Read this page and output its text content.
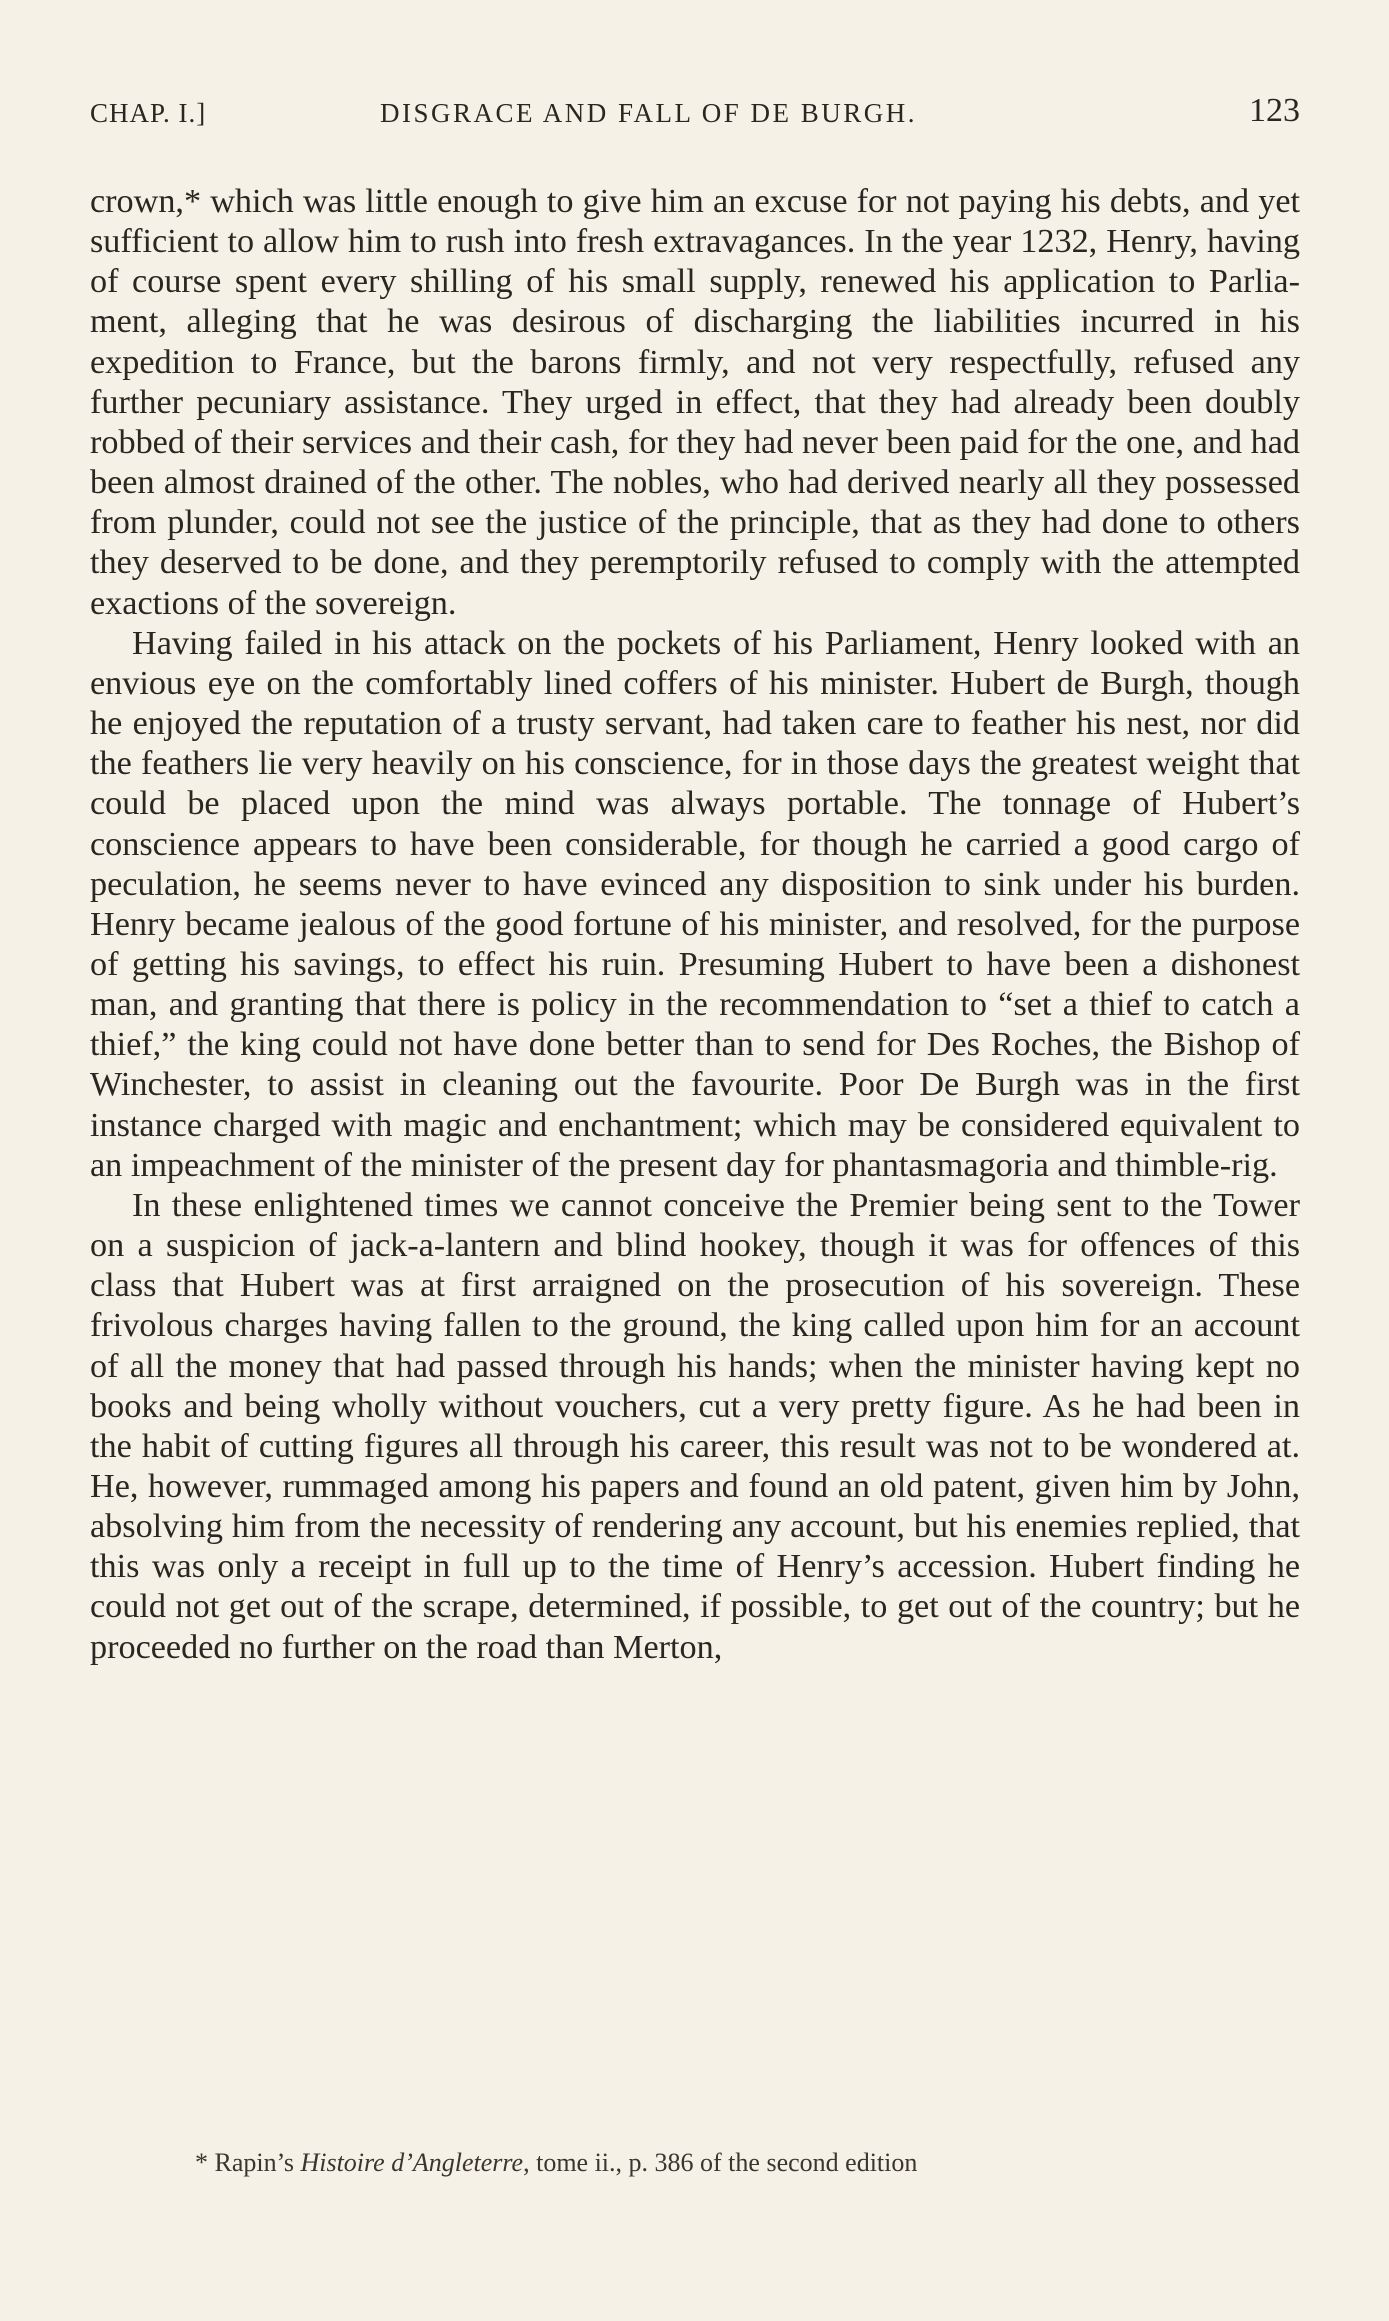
CHAP. I.]	DISGRACE AND FALL OF DE BURGH.	123

crown,* which was little enough to give him an excuse for not paying his debts, and yet sufficient to allow him to rush into fresh extravagances. In the year 1232, Henry, having of course spent every shilling of his small supply, renewed his application to Parliament, alleging that he was desirous of discharging the liabilities incurred in his expedition to France, but the barons firmly, and not very respectfully, refused any further pecuniary assistance. They urged in effect, that they had already been doubly robbed of their services and their cash, for they had never been paid for the one, and had been almost drained of the other. The nobles, who had derived nearly all they possessed from plunder, could not see the justice of the principle, that as they had done to others they deserved to be done, and they peremptorily refused to comply with the attempted exactions of the sovereign.

Having failed in his attack on the pockets of his Parliament, Henry looked with an envious eye on the comfortably lined coffers of his minister. Hubert de Burgh, though he enjoyed the reputation of a trusty servant, had taken care to feather his nest, nor did the feathers lie very heavily on his conscience, for in those days the greatest weight that could be placed upon the mind was always portable. The tonnage of Hubert’s conscience appears to have been considerable, for though he carried a good cargo of peculation, he seems never to have evinced any disposition to sink under his burden. Henry became jealous of the good fortune of his minister, and resolved, for the purpose of getting his savings, to effect his ruin. Presuming Hubert to have been a dishonest man, and granting that there is policy in the recommendation to “set a thief to catch a thief,” the king could not have done better than to send for Des Roches, the Bishop of Winchester, to assist in cleaning out the favourite. Poor De Burgh was in the first instance charged with magic and enchantment; which may be considered equivalent to an impeachment of the minister of the present day for phantasmagoria and thimble-rig.

In these enlightened times we cannot conceive the Premier being sent to the Tower on a suspicion of jack-a-lantern and blind hookey, though it was for offences of this class that Hubert was at first arraigned on the prosecution of his sovereign. These frivolous charges having fallen to the ground, the king called upon him for an account of all the money that had passed through his hands; when the minister having kept no books and being wholly without vouchers, cut a very pretty figure. As he had been in the habit of cutting figures all through his career, this result was not to be wondered at. He, however, rummaged among his papers and found an old patent, given him by John, absolving him from the necessity of rendering any account, but his enemies replied, that this was only a receipt in full up to the time of Henry’s accession. Hubert finding he could not get out of the scrape, determined, if possible, to get out of the country; but he proceeded no further on the road than Merton,

* Rapin’s Histoire d’Angleterre, tome ii., p. 386 of the second edition
